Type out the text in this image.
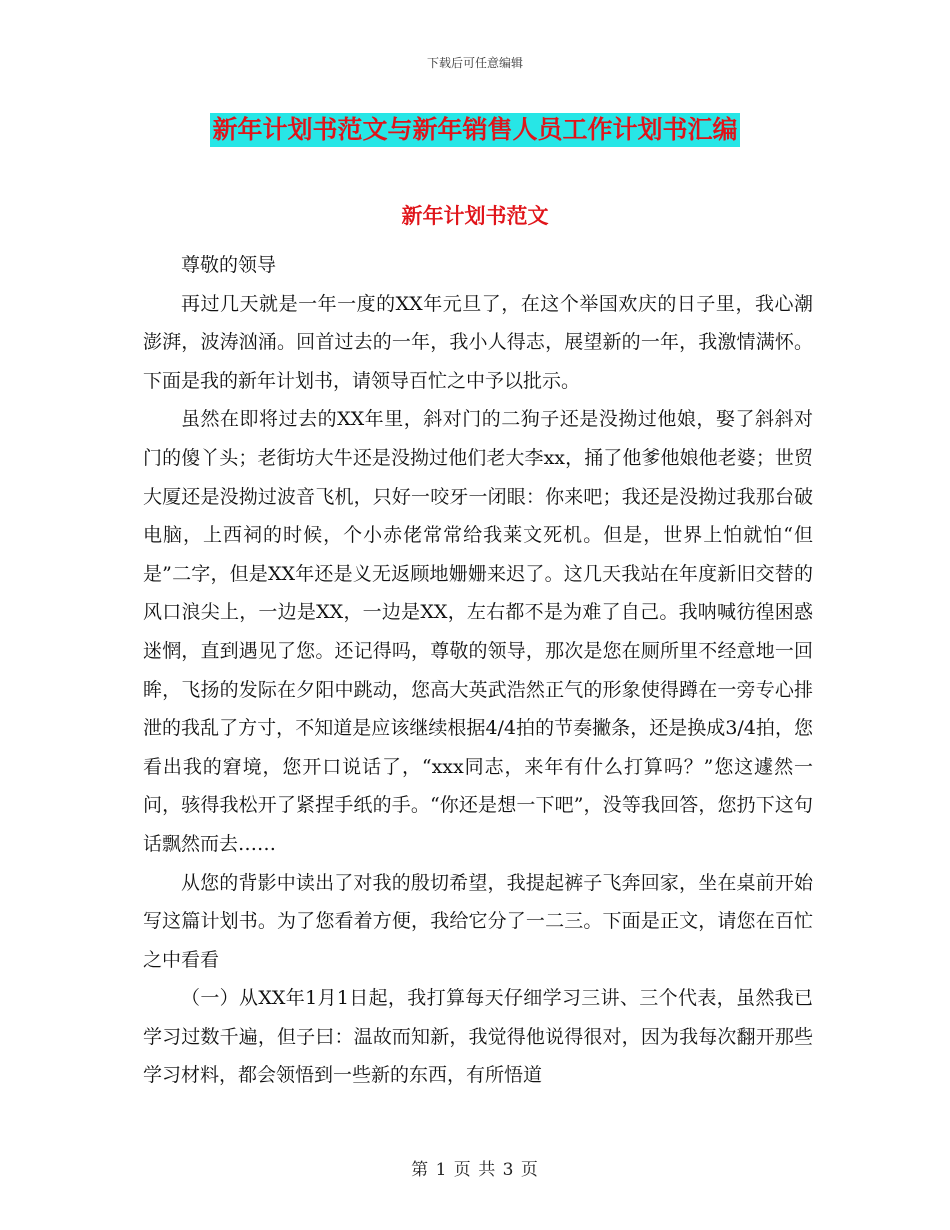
下载后可任意编辑
新年计划书范文与新年销售人员工作计划书汇编
新年计划书范文

尊敬的领导

再过几天就是一年一度的XX年元旦了，在这个举国欢庆的日子里，我心潮澎湃，波涛汹涌。回首过去的一年，我小人得志，展望新的一年，我激情满怀。下面是我的新年计划书，请领导百忙之中予以批示。

虽然在即将过去的XX年里，斜对门的二狗子还是没拗过他娘，娶了斜斜对门的傻丫头；老街坊大牛还是没拗过他们老大李xx，捅了他爹他娘他老婆；世贸大厦还是没拗过波音飞机，只好一咬牙一闭眼：你来吧；我还是没拗过我那台破电脑，上西祠的时候，个小赤佬常常给我莱文死机。但是，世界上怕就怕“但是”二字，但是XX年还是义无返顾地姗姗来迟了。这几天我站在年度新旧交替的风口浪尖上，一边是XX，一边是XX，左右都不是为难了自己。我呐喊彷徨困惑迷惘，直到遇见了您。还记得吗，尊敬的领导，那次是您在厕所里不经意地一回眸，飞扬的发际在夕阳中跳动，您高大英武浩然正气的形象使得蹲在一旁专心排泄的我乱了方寸，不知道是应该继续根据4/4拍的节奏撇条，还是换成3/4拍，您看出我的窘境，您开口说话了，“xxx同志，来年有什么打算吗？”您这遽然一问，骇得我松开了紧捏手纸的手。“你还是想一下吧”，没等我回答，您扔下这句话飘然而去……

从您的背影中读出了对我的殷切希望，我提起裤子飞奔回家，坐在桌前开始写这篇计划书。为了您看着方便，我给它分了一二三。下面是正文，请您在百忙之中看看

（一）从XX年1月1日起，我打算每天仔细学习三讲、三个代表，虽然我已学习过数千遍，但子曰：温故而知新，我觉得他说得很对，因为我每次翻开那些学习材料，都会领悟到一些新的东西，有所悟道

第 1 页 共 3 页
